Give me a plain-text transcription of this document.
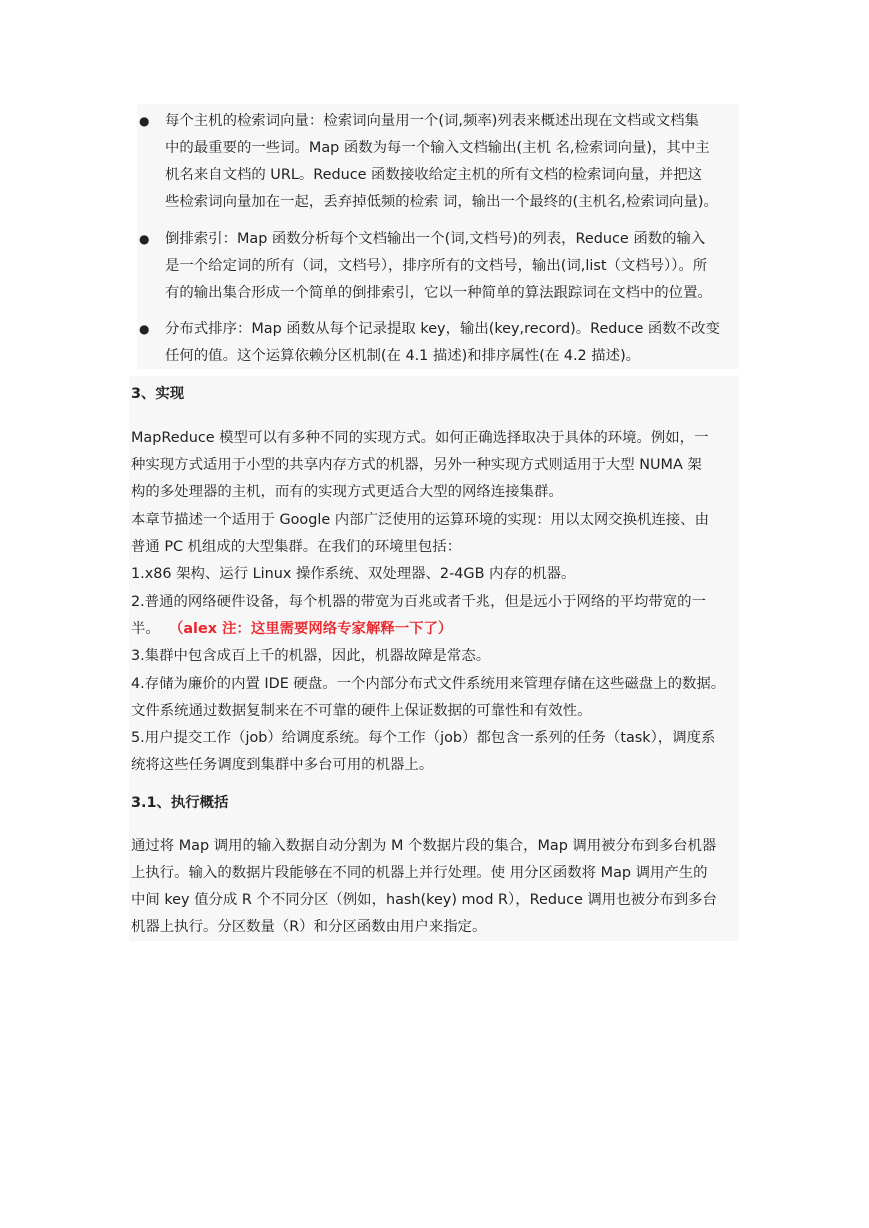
● 每个主机的检索词向量：检索词向量用一个(词,频率)列表来概述出现在文档或文档集
中的最重要的一些词。Map 函数为每一个输入文档输出(主机 名,检索词向量)，其中主
机名来自文档的 URL。Reduce 函数接收给定主机的所有文档的检索词向量，并把这
些检索词向量加在一起，丢弃掉低频的检索 词，输出一个最终的(主机名,检索词向量)。
● 倒排索引：Map 函数分析每个文档输出一个(词,文档号)的列表，Reduce 函数的输入
是一个给定词的所有（词，文档号），排序所有的文档号，输出(词,list（文档号））。所
有的输出集合形成一个简单的倒排索引，它以一种简单的算法跟踪词在文档中的位置。
● 分布式排序：Map 函数从每个记录提取 key，输出(key,record)。Reduce 函数不改变
任何的值。这个运算依赖分区机制(在 4.1 描述)和排序属性(在 4.2 描述)。
3、实现
MapReduce 模型可以有多种不同的实现方式。如何正确选择取决于具体的环境。例如，一
种实现方式适用于小型的共享内存方式的机器，另外一种实现方式则适用于大型 NUMA 架
构的多处理器的主机，而有的实现方式更适合大型的网络连接集群。
本章节描述一个适用于 Google 内部广泛使用的运算环境的实现：用以太网交换机连接、由
普通 PC 机组成的大型集群。在我们的环境里包括：
1.x86 架构、运行 Linux 操作系统、双处理器、2-4GB 内存的机器。
2.普通的网络硬件设备，每个机器的带宽为百兆或者千兆，但是远小于网络的平均带宽的一
半。 （alex 注：这里需要网络专家解释一下了）
3.集群中包含成百上千的机器，因此，机器故障是常态。
4.存储为廉价的内置 IDE 硬盘。一个内部分布式文件系统用来管理存储在这些磁盘上的数据。
文件系统通过数据复制来在不可靠的硬件上保证数据的可靠性和有效性。
5.用户提交工作（job）给调度系统。每个工作（job）都包含一系列的任务（task），调度系
统将这些任务调度到集群中多台可用的机器上。
3.1、执行概括
通过将 Map 调用的输入数据自动分割为 M 个数据片段的集合，Map 调用被分布到多台机器
上执行。输入的数据片段能够在不同的机器上并行处理。使 用分区函数将 Map 调用产生的
中间 key 值分成 R 个不同分区（例如，hash(key) mod R），Reduce 调用也被分布到多台
机器上执行。分区数量（R）和分区函数由用户来指定。
